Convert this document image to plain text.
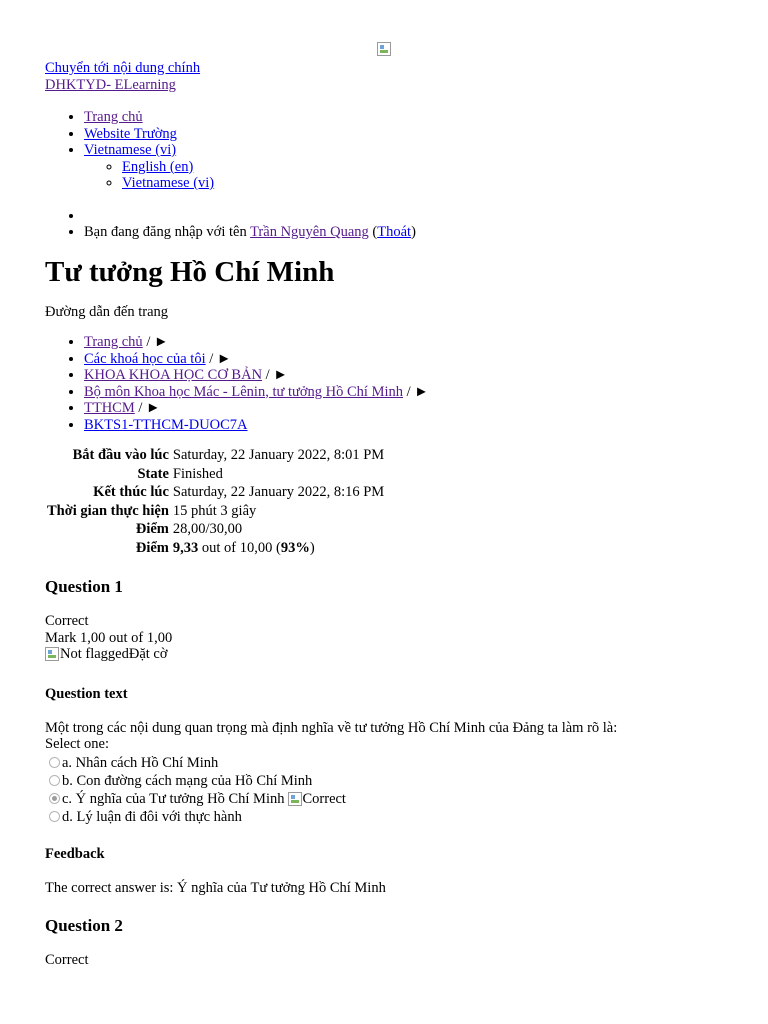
Chuyển tới nội dung chính
DHKTYD- ELearning
• Trang chủ
• Website Trường
• Vietnamese (vi)
◦ English (en)
◦ Vietnamese (vi)
•
• Bạn đang đăng nhập với tên Trần Nguyên Quang (Thoát)
Tư tưởng Hồ Chí Minh

Đường dẫn đến trang

• Trang chủ / ►
• Các khoá học của tôi / ►
• KHOA KHOA HỌC CƠ BẢN / ►
• Bộ môn Khoa học Mác - Lênin, tư tưởng Hồ Chí Minh / ►
• TTHCM / ►
• BKTS1-TTHCM-DUOC7A
Bắt đầu vào lúc	Saturday, 22 January 2022, 8:01 PM
State	Finished
Kết thúc lúc	Saturday, 22 January 2022, 8:16 PM
Thời gian thực hiện	15 phút 3 giây
Điểm	28,00/30,00
Điểm	9,33 out of 10,00 (93%)
Question 1
Correct
Mark 1,00 out of 1,00
Not flagged Đặt cờ
Question text

Một trong các nội dung quan trọng mà định nghĩa về tư tưởng Hồ Chí Minh của Đảng ta làm rõ là:

Select one:
a. Nhân cách Hồ Chí Minh
b. Con đường cách mạng của Hồ Chí Minh
c. Ý nghĩa của Tư tưởng Hồ Chí Minh Correct
d. Lý luận đi đôi với thực hành
Feedback

The correct answer is: Ý nghĩa của Tư tưởng Hồ Chí Minh

Question 2
Correct
